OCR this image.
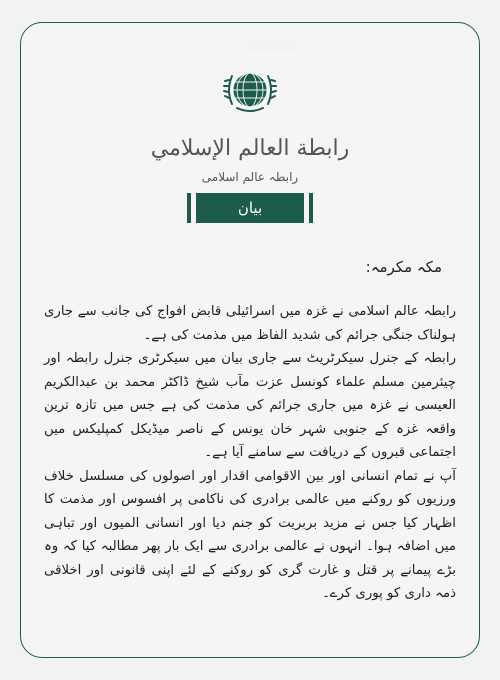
رابطة العالم الإسلامي
رابطہ عالم اسلامی
بیان
مکہ مکرمہ:

رابطہ عالم اسلامی نے غزہ میں اسرائیلی قابض افواج کی جانب سے جاری ہولناک جنگی جرائم کی شدید الفاظ میں مذمت کی ہے۔

رابطہ کے جنرل سیکرٹریٹ سے جاری بیان میں سیکرٹری جنرل رابطہ اور چیئرمین مسلم علماء کونسل عزت مآب شیخ ڈاکٹر محمد بن عبدالکریم العیسی نے غزہ میں جاری جرائم کی مذمت کی ہے جس میں تازہ ترین واقعہ غزہ کے جنوبی شہر خان یونس کے ناصر میڈیکل کمپلیکس میں اجتماعی قبروں کے دریافت سے سامنے آیا ہے۔

آپ نے تمام انسانی اور بین الاقوامی اقدار اور اصولوں کی مسلسل خلاف ورزیوں کو روکنے میں عالمی برادری کی ناکامی پر افسوس اور مذمت کا اظہار کیا جس نے مزید بربریت کو جنم دیا اور انسانی المیوں اور تباہی میں اضافہ ہوا۔ انہوں نے عالمی برادری سے ایک بار پھر مطالبہ کیا کہ وہ بڑے پیمانے پر قتل و غارت گری کو روکنے کے لئے اپنی قانونی اور اخلاقی ذمہ داری کو پوری کرے۔
